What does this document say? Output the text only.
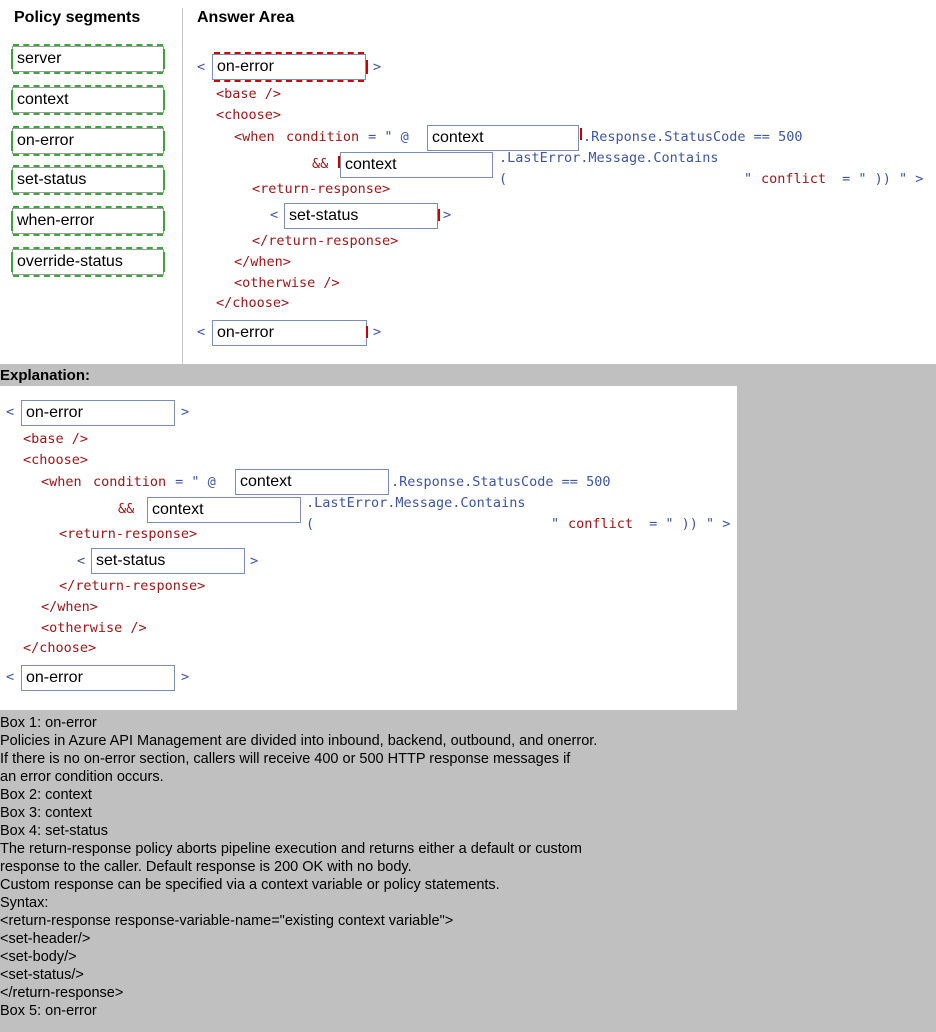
Policy segments	Answer Area
server
context
on-error
set-status
when-error
override-status
< on-error	>
<base />
<choose>
<when condition = " @	context	.Response.StatusCode == 500
&&	context	.LastError.Message.Contains
(	" conflict = " )) " >
<return-response>
< set-status	>
</return-response>
</when>
<otherwise />
</choose>
< on-error	>
Explanation:
< on-error	>
<base />
<choose>
<when condition = " @	context	.Response.StatusCode == 500
&&	context	.LastError.Message.Contains
(	" conflict = " )) " >
<return-response>
< set-status	>
</return-response>
</when>
<otherwise />
</choose>
< on-error	>
Box 1: on-error
Policies in Azure API Management are divided into inbound, backend, outbound, and onerror.
If there is no on-error section, callers will receive 400 or 500 HTTP response messages if
an error condition occurs.
Box 2: context
Box 3: context
Box 4: set-status
The return-response policy aborts pipeline execution and returns either a default or custom
response to the caller. Default response is 200 OK with no body.
Custom response can be specified via a context variable or policy statements.
Syntax:
<return-response response-variable-name="existing context variable">
<set-header/>
<set-body/>
<set-status/>
</return-response>
Box 5: on-error
